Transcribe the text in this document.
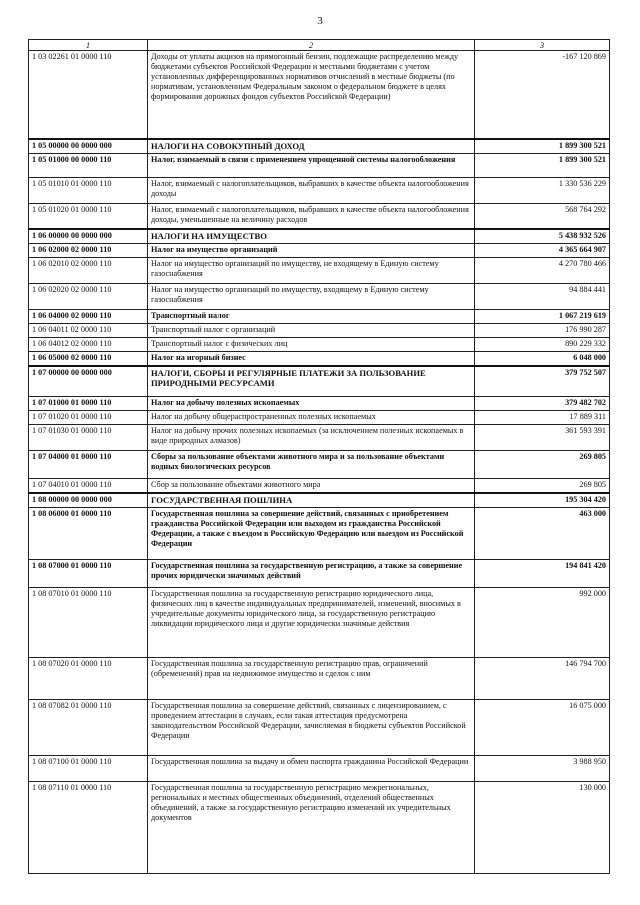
3
1	2	3
1 03 02261 01 0000 110	Доходы от уплаты акцизов на прямогонный бензин, подлежащие распределению между бюджетами субъектов Российской Федерации и местными бюджетами с учетом установленных дифференцированных нормативов отчислений в местные бюджеты (по нормативам, установленным Федеральным законом о федеральном бюджете в целях формирования дорожных фондов субъектов Российской Федерации)	-167 120 869
1 05 00000 00 0000 000	НАЛОГИ НА СОВОКУПНЫЙ ДОХОД	1 899 300 521
1 05 01000 00 0000 110	Налог, взимаемый в связи с применением упрощенной системы налогообложения	1 899 300 521
1 05 01010 01 0000 110	Налог, взимаемый с налогоплательщиков, выбравших в качестве объекта налогообложения доходы	1 330 536 229
1 05 01020 01 0000 110	Налог, взимаемый с налогоплательщиков, выбравших в качестве объекта налогообложения доходы, уменьшенные на величину расходов	568 764 292
1 06 00000 00 0000 000	НАЛОГИ НА ИМУЩЕСТВО	5 438 932 526
1 06 02000 02 0000 110	Налог на имущество организаций	4 365 664 907
1 06 02010 02 0000 110	Налог на имущество организаций по имуществу, не входящему в Единую систему газоснабжения	4 270 780 466
1 06 02020 02 0000 110	Налог на имущество организаций по имуществу, входящему в Единую систему газоснабжения	94 884 441
1 06 04000 02 0000 110	Транспортный налог	1 067 219 619
1 06 04011 02 0000 110	Транспортный налог с организаций	176 990 287
1 06 04012 02 0000 110	Транспортный налог с физических лиц	890 229 332
1 06 05000 02 0000 110	Налог на игорный бизнес	6 048 000
1 07 00000 00 0000 000	НАЛОГИ, СБОРЫ И РЕГУЛЯРНЫЕ ПЛАТЕЖИ ЗА ПОЛЬЗОВАНИЕ ПРИРОДНЫМИ РЕСУРСАМИ	379 752 507
1 07 01000 01 0000 110	Налог на добычу полезных ископаемых	379 482 702
1 07 01020 01 0000 110	Налог на добычу общераспространенных полезных ископаемых	17 889 311
1 07 01030 01 0000 110	Налог на добычу прочих полезных ископаемых (за исключением полезных ископаемых в виде природных алмазов)	361 593 391
1 07 04000 01 0000 110	Сборы за пользование объектами животного мира и за пользование объектами водных биологических ресурсов	269 805
1 07 04010 01 0000 110	Сбор за пользование объектами животного мира	269 805
1 08 00000 00 0000 000	ГОСУДАРСТВЕННАЯ ПОШЛИНА	195 304 420
1 08 06000 01 0000 110	Государственная пошлина за совершение действий, связанных с приобретением гражданства Российской Федерации или выходом из гражданства Российской Федерации, а также с въездом в Российскую Федерацию или выездом из Российской Федерации	463 000
1 08 07000 01 0000 110	Государственная пошлина за государственную регистрацию, а также за совершение прочих юридически значимых действий	194 841 420
1 08 07010 01 0000 110	Государственная пошлина за государственную регистрацию юридического лица, физических лиц в качестве индивидуальных предпринимателей, изменений, вносимых в учредительные документы юридического лица, за государственную регистрацию ликвидации юридического лица и другие юридически значимые действия	992 000
1 08 07020 01 0000 110	Государственная пошлина за государственную регистрацию прав, ограничений (обременений) прав на недвижимое имущество и сделок с ним	146 794 700
1 08 07082 01 0000 110	Государственная пошлина за совершение действий, связанных с лицензированием, с проведением аттестации в случаях, если такая аттестация предусмотрена законодательством Российской Федерации, зачисляемая в бюджеты субъектов Российской Федерации	16 075 000
1 08 07100 01 0000 110	Государственная пошлина за выдачу и обмен паспорта гражданина Российской Федерации	3 988 950
1 08 07110 01 0000 110	Государственная пошлина за государственную регистрацию межрегиональных, региональных и местных общественных объединений, отделений общественных объединений, а также за государственную регистрацию изменений их учредительных документов	130 000
